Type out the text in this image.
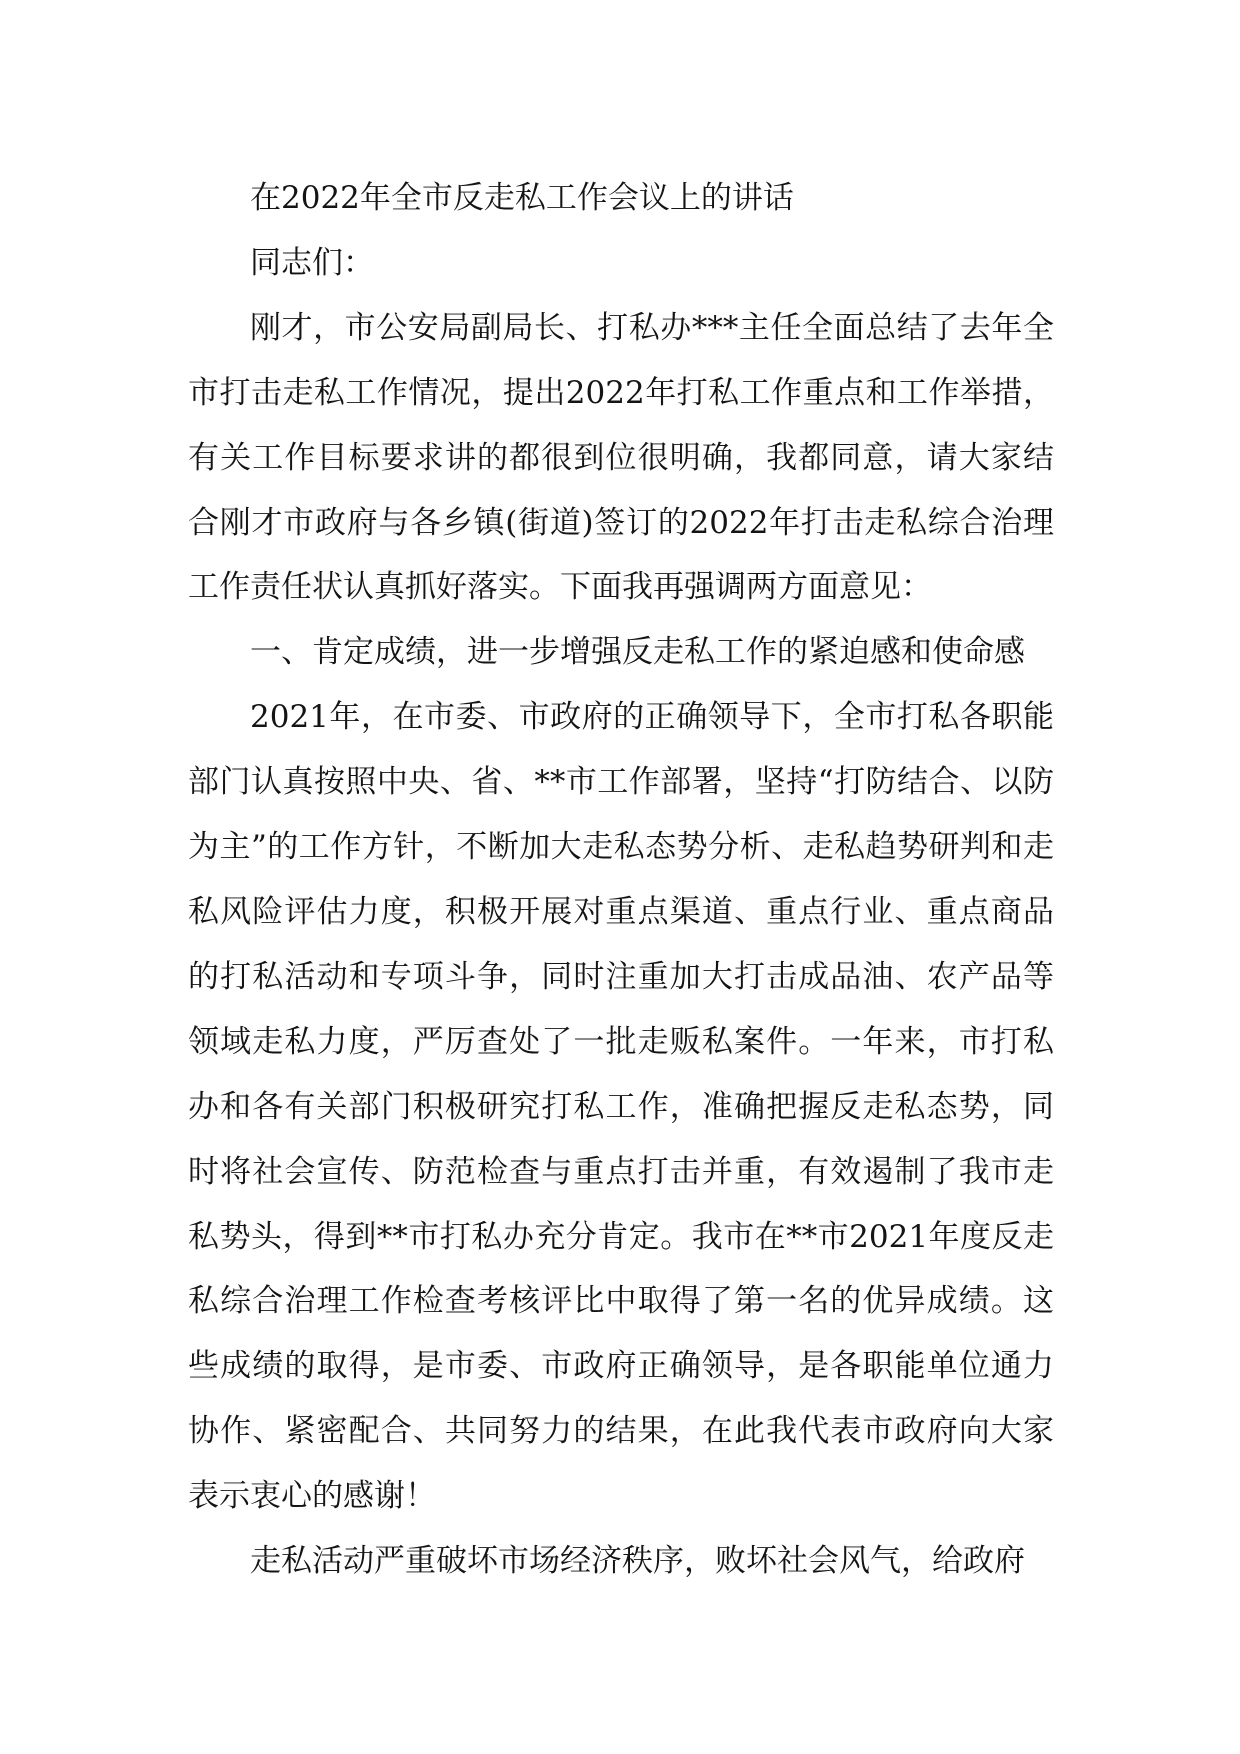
在2022年全市反走私工作会议上的讲话

同志们：

刚才，市公安局副局长、打私办***主任全面总结了去年全市打击走私工作情况，提出2022年打私工作重点和工作举措，有关工作目标要求讲的都很到位很明确，我都同意，请大家结合刚才市政府与各乡镇(街道)签订的2022年打击走私综合治理工作责任状认真抓好落实。下面我再强调两方面意见：

一、肯定成绩，进一步增强反走私工作的紧迫感和使命感

2021年，在市委、市政府的正确领导下，全市打私各职能部门认真按照中央、省、**市工作部署，坚持“打防结合、以防为主”的工作方针，不断加大走私态势分析、走私趋势研判和走私风险评估力度，积极开展对重点渠道、重点行业、重点商品的打私活动和专项斗争，同时注重加大打击成品油、农产品等领域走私力度，严厉查处了一批走贩私案件。一年来，市打私办和各有关部门积极研究打私工作，准确把握反走私态势，同时将社会宣传、防范检查与重点打击并重，有效遏制了我市走私势头，得到**市打私办充分肯定。我市在**市2021年度反走私综合治理工作检查考核评比中取得了第一名的优异成绩。这些成绩的取得，是市委、市政府正确领导，是各职能单位通力协作、紧密配合、共同努力的结果，在此我代表市政府向大家表示衷心的感谢！

走私活动严重破坏市场经济秩序，败坏社会风气，给政府
